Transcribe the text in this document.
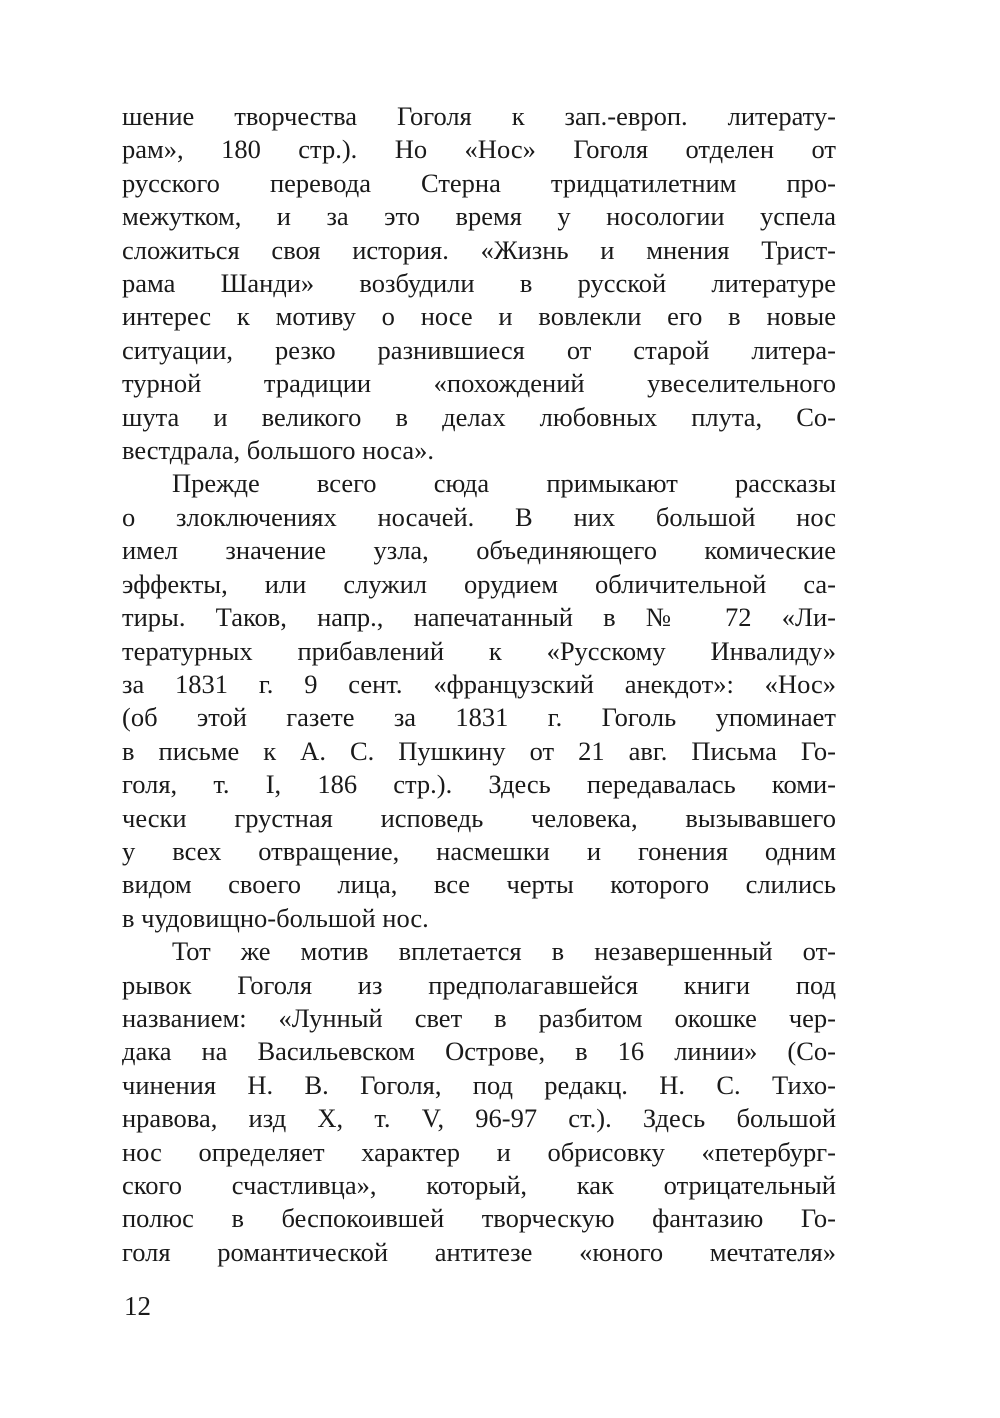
шение творчества Гоголя к зап.-европ. литерату-
рам», 180 стр.). Но «Нос» Гоголя отделен от
русского перевода Стерна тридцатилетним про-
межутком, и за это время у носологии успела
сложиться своя история. «Жизнь и мнения Трист-
рама Шанди» возбудили в русской литературе
интерес к мотиву о носе и вовлекли его в новые
ситуации, резко разнившиеся от старой литера-
турной традиции «похождений увеселительного
шута и великого в делах любовных плута, Со-
вестдрала, большого носа».
Прежде всего сюда примыкают рассказы
о злоключениях носачей. В них большой нос
имел значение узла, объединяющего комические
эффекты, или служил орудием обличительной са-
тиры. Таков, напр., напечатанный в № 72 «Ли-
тературных прибавлений к «Русскому Инвалиду»
за 1831 г. 9 сент. «французский анекдот»: «Нос»
(об этой газете за 1831 г. Гоголь упоминает
в письме к А. С. Пушкину от 21 авг. Письма Го-
голя, т. I, 186 стр.). Здесь передавалась коми-
чески грустная исповедь человека, вызывавшего
у всех отвращение, насмешки и гонения одним
видом своего лица, все черты которого слились
в чудовищно-большой нос.
Тот же мотив вплетается в незавершенный от-
рывок Гоголя из предполагавшейся книги под
названием: «Лунный свет в разбитом окошке чер-
дака на Васильевском Острове, в 16 линии» (Со-
чинения Н. В. Гоголя, под редакц. Н. С. Тихо-
нравова, изд X, т. V, 96-97 ст.). Здесь большой
нос определяет характер и обрисовку «петербург-
ского счастливца», который, как отрицательный
полюс в беспокоившей творческую фантазию Го-
голя романтической антитезе «юного мечтателя»
12
